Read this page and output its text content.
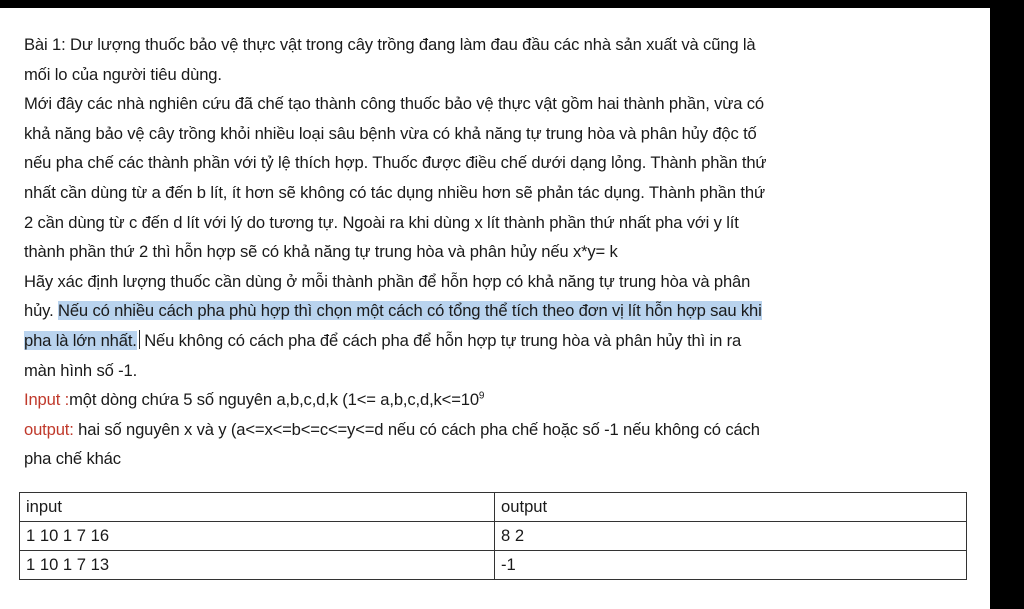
Bài 1: Dư lượng thuốc bảo vệ thực vật trong cây trồng đang làm đau đầu các nhà sản xuất và cũng là
mối lo của người tiêu dùng.
Mới đây các nhà nghiên cứu đã chế tạo thành công thuốc bảo vệ thực vật gồm hai thành phần, vừa có
khả năng bảo vệ cây trồng khỏi nhiều loại sâu bệnh vừa có khả năng tự trung hòa và phân hủy độc tố
nếu pha chế các thành phần với tỷ lệ thích hợp. Thuốc được điều chế dưới dạng lỏng. Thành phần thứ
nhất cần dùng từ a đến b lít, ít hơn sẽ không có tác dụng nhiều hơn sẽ phản tác dụng. Thành phần thứ
2 cần dùng từ c đến d lít với lý do tương tự. Ngoài ra khi dùng x lít thành phần thứ nhất pha với y lít
thành phần thứ 2 thì hỗn hợp sẽ có khả năng tự trung hòa và phân hủy nếu x*y= k
Hãy xác định lượng thuốc cần dùng ở mỗi thành phần để hỗn hợp có khả năng tự trung hòa và phân
hủy. Nếu có nhiều cách pha phù hợp thì chọn một cách có tổng thể tích theo đơn vị lít hỗn hợp sau khi
pha là lớn nhất. Nếu không có cách pha để cách pha để hỗn hợp tự trung hòa và phân hủy thì in ra
màn hình số -1.
Input :một dòng chứa 5 số nguyên a,b,c,d,k ($1<= a,b,c,d,k<=10^9$
output: hai số nguyên x và y (a<=x<=b<=c<=y<=d nếu có cách pha chế hoặc số -1 nếu không có cách
pha chế khác
input	output
1 10 1 7 16	8 2
1 10 1 7 13	-1
